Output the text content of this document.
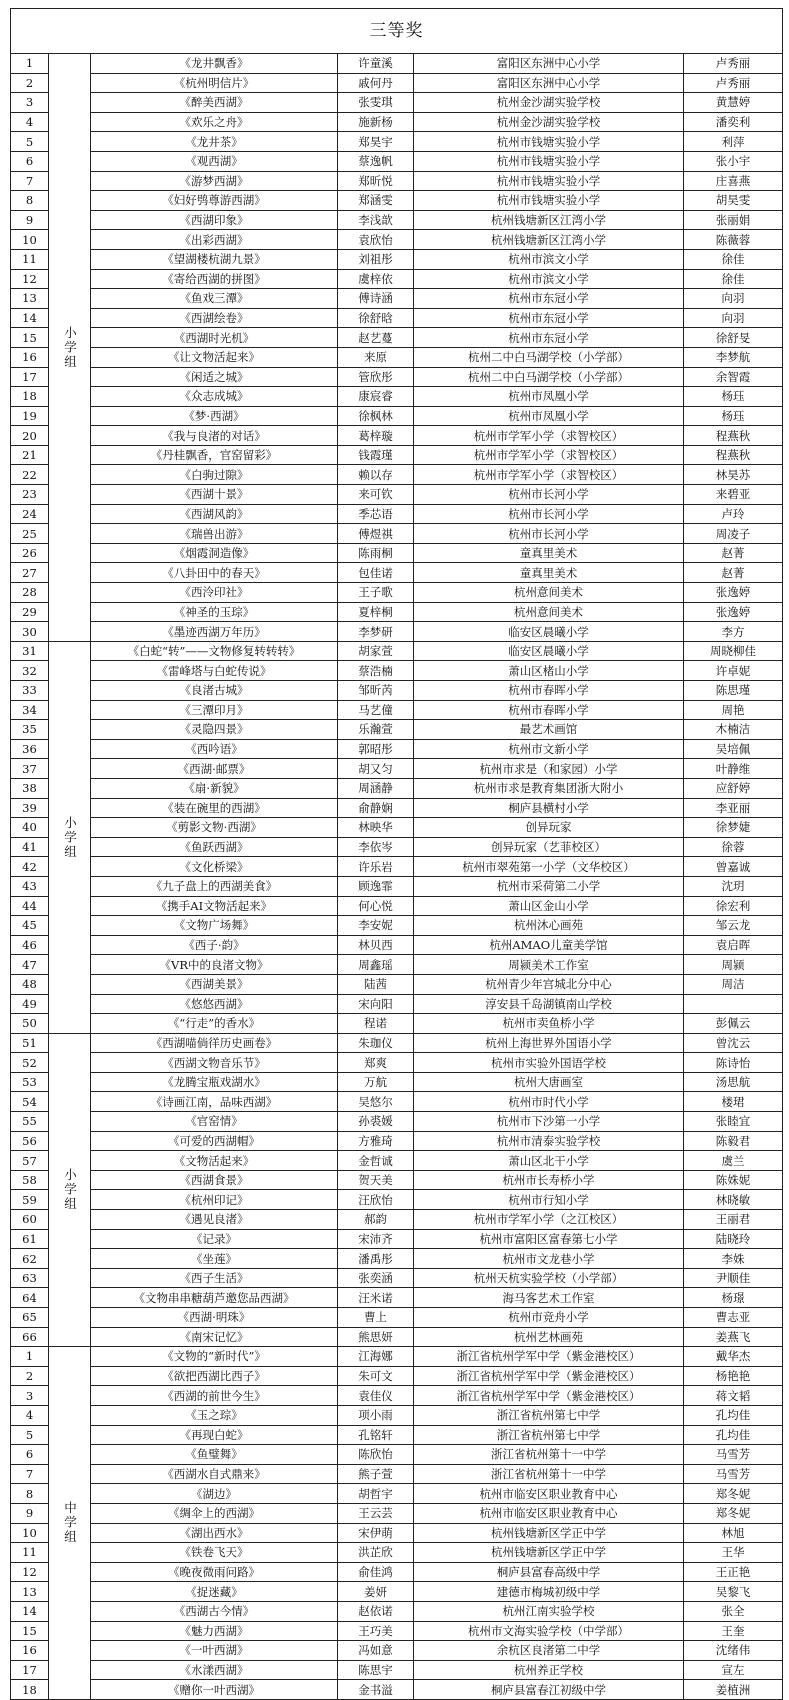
三等奖					
1	小学组	《龙井飘香》	许童溪	富阳区东洲中心小学	卢秀丽
2		《杭州明信片》	戚何丹	富阳区东洲中心小学	卢秀丽
3		《醉美西湖》	张雯琪	杭州金沙湖实验学校	黄慧婷
4		《欢乐之舟》	施新杨	杭州金沙湖实验学校	潘奕利
5		《龙井茶》	郑昊宇	杭州市钱塘实验小学	利萍
6		《观西湖》	蔡逸帆	杭州市钱塘实验小学	张小宇
7		《游梦西湖》	郑昕悦	杭州市钱塘实验小学	庄喜燕
8		《妇好鸮尊游西湖》	郑涵雯	杭州市钱塘实验小学	胡昊雯
9		《西湖印象》	李浅歆	杭州钱塘新区江湾小学	张丽娟
10		《出彩西湖》	袁欣怡	杭州钱塘新区江湾小学	陈薇蓉
11		《望湖楼杭湖九景》	刘祖彤	杭州市滨文小学	徐佳
12		《寄给西湖的拼图》	虞梓依	杭州市滨文小学	徐佳
13		《鱼戏三潭》	傅诗涵	杭州市东冠小学	向羽
14		《西湖绘卷》	徐舒晗	杭州市东冠小学	向羽
15		《西湖时光机》	赵艺蔓	杭州市东冠小学	徐舒旻
16		《让文物活起来》	来原	杭州二中白马湖学校（小学部）	李梦航
17		《闲适之城》	管欣彤	杭州二中白马湖学校（小学部）	余智霞
18		《众志成城》	康宸睿	杭州市凤凰小学	杨珏
19		《梦·西湖》	徐枫林	杭州市凤凰小学	杨珏
20		《我与良渚的对话》	葛梓璇	杭州市学军小学（求智校区）	程燕秋
21		《丹桂飘香，官窑留彩》	钱霞瑾	杭州市学军小学（求智校区）	程燕秋
22		《白驹过隙》	赖以存	杭州市学军小学（求智校区）	林昊苏
23		《西湖十景》	来可钦	杭州市长河小学	来碧亚
24		《西湖风韵》	季芯语	杭州市长河小学	卢玲
25		《瑞兽出游》	傅煜祺	杭州市长河小学	周凌子
26		《烟霞洞造像》	陈雨桐	童真里美术	赵菁
27		《八卦田中的春天》	包佳诺	童真里美术	赵菁
28		《西泠印社》	王子歌	杭州意间美术	张逸婷
29		《神圣的玉琮》	夏梓桐	杭州意间美术	张逸婷
30		《墨迹西湖万年历》	李梦研	临安区晨曦小学	李方
31	小学组	《白蛇“转”——文物修复转转转》	胡家萱	临安区晨曦小学	周晓柳佳
32		《雷峰塔与白蛇传说》	蔡浩楠	萧山区楮山小学	许卓妮
33		《良渚古城》	邹昕芮	杭州市春晖小学	陈思瑾
34		《三潭印月》	马艺僮	杭州市春晖小学	周艳
35		《灵隐四景》	乐瀚萱	最艺术画馆	木楠洁
36		《西吟语》	郭昭彤	杭州市文新小学	吴培佩
37		《西湖·邮票》	胡又匀	杭州市求是（和家园）小学	叶静维
38		《扇·新貌》	周涵静	杭州市求是教育集团浙大附小	应舒婷
39		《装在碗里的西湖》	俞静娴	桐庐县横村小学	李亚丽
40		《剪影文物·西湖》	林映华	创异玩家	徐梦婕
41		《鱼跃西湖》	李依岑	创异玩家（艺菲校区）	徐蓉
42		《文化桥梁》	许乐岩	杭州市翠苑第一小学（文华校区）	曾嘉诚
43		《九子盘上的西湖美食》	顾逸霏	杭州市采荷第二小学	沈玥
44		《携手AI文物活起来》	何心悦	萧山区金山小学	徐宏利
45		《文物广场舞》	李安妮	杭州沐心画苑	邹云龙
46		《西子·韵》	林贝西	杭州AMAO儿童美学馆	袁启晖
47		《VR中的良渚文物》	周鑫瑶	周颍美术工作室	周颍
48		《西湖美景》	陆茜	杭州青少年宫城北分中心	周洁
49		《悠悠西湖》	宋向阳	淳安县千岛湖镇南山学校	
50		《“行走”的香水》	程诺	杭州市卖鱼桥小学	彭佩云
51	小学组	《西湖喵倘徉历史画卷》	朱珈仪	杭州上海世界外国语小学	曾沈云
52		《西湖文物音乐节》	郑爽	杭州市实验外国语学校	陈诗怡
53		《龙腾宝瓶戏湖水》	万航	杭州大唐画室	汤思航
54		《诗画江南，品味西湖》	吴悠尔	杭州市时代小学	楼珺
55		《官窑情》	孙裘媛	杭州市下沙第一小学	张睦宜
56		《可爱的西湖帽》	方雅琦	杭州市清泰实验学校	陈毅君
57		《文物活起来》	金哲诚	萧山区北干小学	虞兰
58		《西湖食景》	贺天美	杭州市长寿桥小学	陈姝妮
59		《杭州印记》	汪欣怡	杭州市行知小学	林晓敏
60		《遇见良渚》	郝韵	杭州市学军小学（之江校区）	王丽君
61		《记录》	宋沛齐	杭州市富阳区富春第七小学	陆晓玲
62		《坐莲》	潘禹彤	杭州市文龙巷小学	李姝
63		《西子生活》	张奕涵	杭州天杭实验学校（小学部）	尹顺佳
64		《文物串串糖葫芦邀您品西湖》	汪米诺	海马客艺术工作室	杨璟
65		《西湖·明珠》	曹上	杭州市竞舟小学	曹志亚
66		《南宋记忆》	熊思妍	杭州艺林画苑	姜燕飞
1	中学组	《文物的“新时代”》	江海娜	浙江省杭州学军中学（紫金港校区）	戴华杰
2		《欲把西湖比西子》	朱可文	浙江省杭州学军中学（紫金港校区）	杨艳艳
3		《西湖的前世今生》	袁佳仪	浙江省杭州学军中学（紫金港校区）	蒋文韬
4		《玉之琮》	项小雨	浙江省杭州第七中学	孔均佳
5		《再现白蛇》	孔铭轩	浙江省杭州第七中学	孔均佳
6		《鱼璧舞》	陈欣怡	浙江省杭州第十一中学	马雪芳
7		《西湖水自式鼎来》	熊子萱	浙江省杭州第十一中学	马雪芳
8		《湖边》	胡哲宇	杭州市临安区职业教育中心	郑冬妮
9		《绸伞上的西湖》	王云芸	杭州市临安区职业教育中心	郑冬妮
10		《湖出西水》	宋伊萌	杭州钱塘新区学正中学	林旭
11		《铁卷飞天》	洪芷欣	杭州钱塘新区学正中学	王华
12		《晚夜微雨问路》	俞佳鸿	桐庐县富春高级中学	王正艳
13		《捉迷藏》	姜妍	建德市梅城初级中学	吴黎飞
14		《西湖古今情》	赵依诺	杭州江南实验学校	张全
15		《魅力西湖》	王巧美	杭州市文海实验学校（中学部）	王奎
16		《一叶西湖》	冯如意	余杭区良渚第二中学	沈绪伟
17		《水漾西湖》	陈思宇	杭州养正学校	宣左
18		《赠你一叶西湖》	金书溢	桐庐县富春江初级中学	姜植洲
